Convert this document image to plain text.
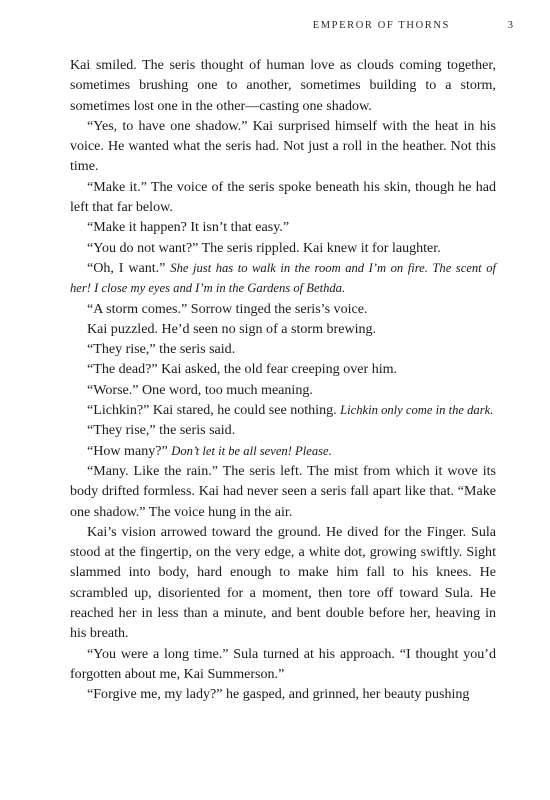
EMPEROR OF THORNS	3

Kai smiled. The seris thought of human love as clouds coming together, sometimes brushing one to another, sometimes building to a storm, sometimes lost one in the other—casting one shadow.

“Yes, to have one shadow.” Kai surprised himself with the heat in his voice. He wanted what the seris had. Not just a roll in the heather. Not this time.

“Make it.” The voice of the seris spoke beneath his skin, though he had left that far below.

“Make it happen? It isn’t that easy.”

“You do not want?” The seris rippled. Kai knew it for laughter.

“Oh, I want.” She just has to walk in the room and I’m on fire. The scent of her! I close my eyes and I’m in the Gardens of Bethda.

“A storm comes.” Sorrow tinged the seris’s voice.

Kai puzzled. He’d seen no sign of a storm brewing.

“They rise,” the seris said.

“The dead?” Kai asked, the old fear creeping over him.

“Worse.” One word, too much meaning.

“Lichkin?” Kai stared, he could see nothing. Lichkin only come in the dark.

“They rise,” the seris said.

“How many?” Don’t let it be all seven! Please.

“Many. Like the rain.” The seris left. The mist from which it wove its body drifted formless. Kai had never seen a seris fall apart like that. “Make one shadow.” The voice hung in the air.

Kai’s vision arrowed toward the ground. He dived for the Finger. Sula stood at the fingertip, on the very edge, a white dot, growing swiftly. Sight slammed into body, hard enough to make him fall to his knees. He scrambled up, disoriented for a moment, then tore off toward Sula. He reached her in less than a minute, and bent double before her, heaving in his breath.

“You were a long time.” Sula turned at his approach. “I thought you’d forgotten about me, Kai Summerson.”

“Forgive me, my lady?” he gasped, and grinned, her beauty pushing
